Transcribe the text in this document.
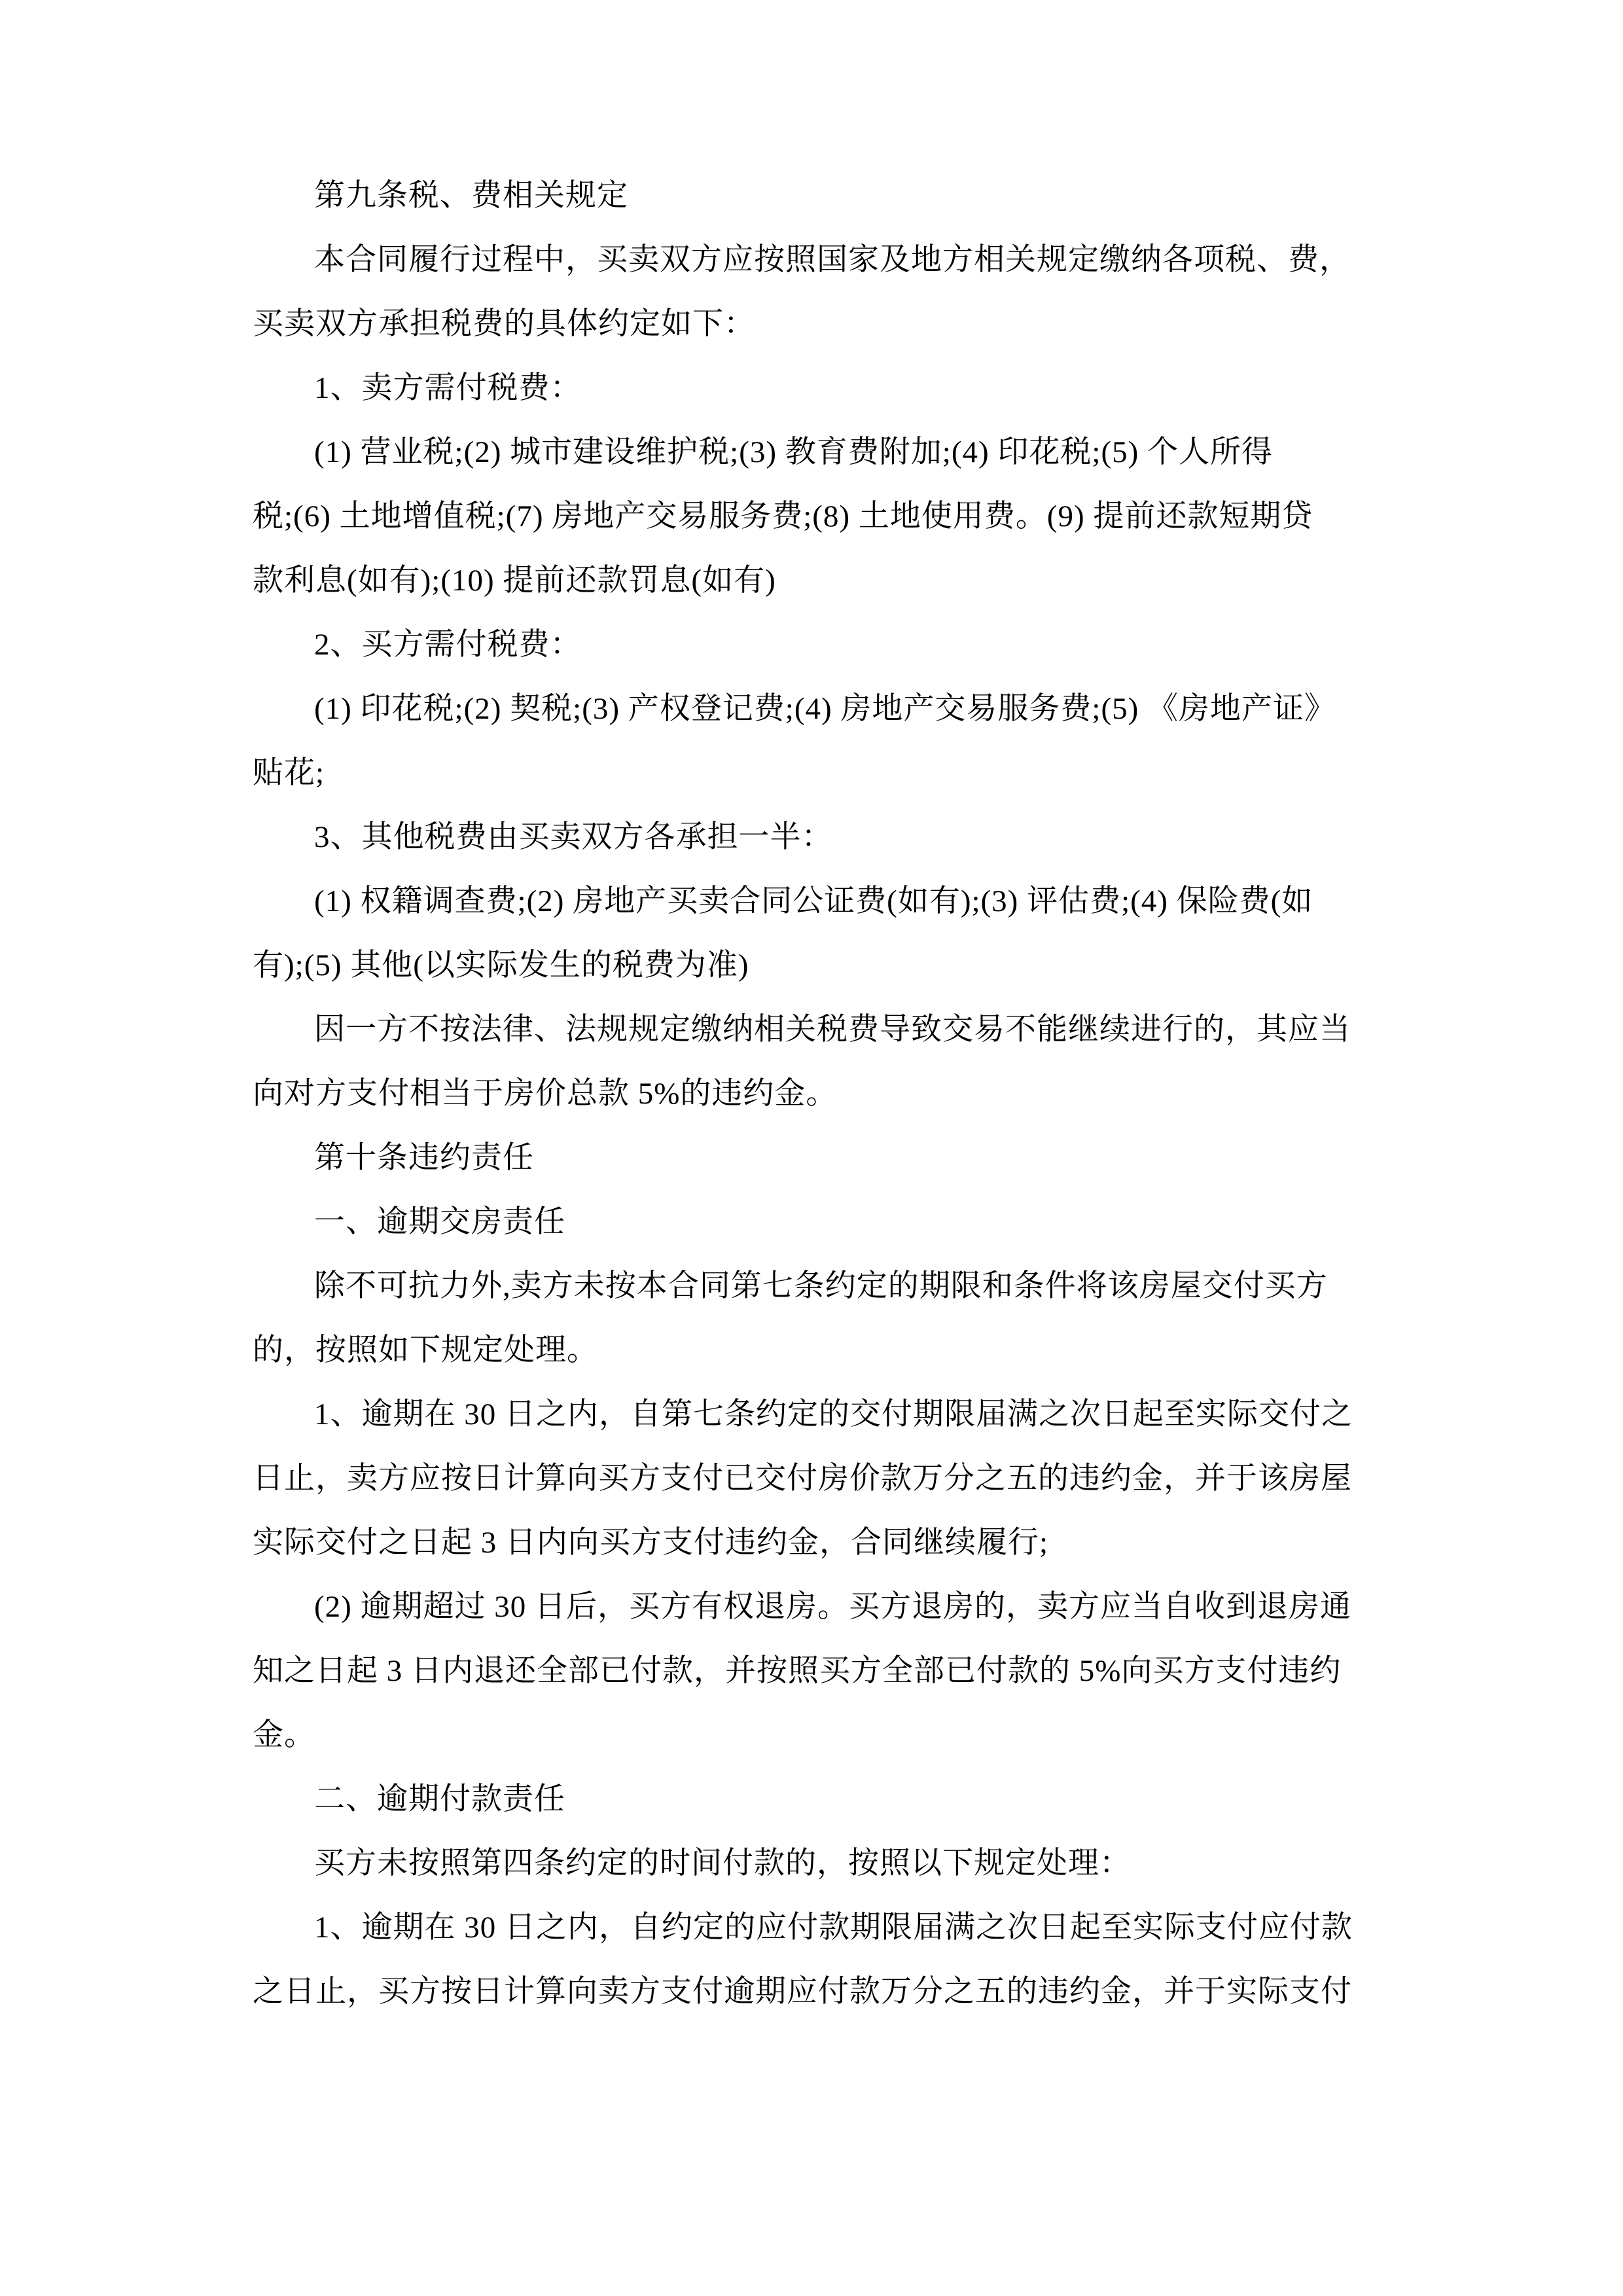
第九条税、费相关规定
本合同履行过程中，买卖双方应按照国家及地方相关规定缴纳各项税、费，
买卖双方承担税费的具体约定如下：
1、卖方需付税费：
(1) 营业税;(2) 城市建设维护税;(3) 教育费附加;(4) 印花税;(5) 个人所得
税;(6) 土地增值税;(7) 房地产交易服务费;(8) 土地使用费。(9) 提前还款短期贷
款利息(如有);(10) 提前还款罚息(如有)
2、买方需付税费：
(1) 印花税;(2) 契税;(3) 产权登记费;(4) 房地产交易服务费;(5) 《房地产证》
贴花;
3、其他税费由买卖双方各承担一半：
(1) 权籍调查费;(2) 房地产买卖合同公证费(如有);(3) 评估费;(4) 保险费(如
有);(5) 其他(以实际发生的税费为准)
因一方不按法律、法规规定缴纳相关税费导致交易不能继续进行的，其应当
向对方支付相当于房价总款 5%的违约金。
第十条违约责任
一、逾期交房责任
除不可抗力外,卖方未按本合同第七条约定的期限和条件将该房屋交付买方
的，按照如下规定处理。
1、逾期在 30 日之内，自第七条约定的交付期限届满之次日起至实际交付之
日止，卖方应按日计算向买方支付已交付房价款万分之五的违约金，并于该房屋
实际交付之日起 3 日内向买方支付违约金，合同继续履行;
(2) 逾期超过 30 日后，买方有权退房。买方退房的，卖方应当自收到退房通
知之日起 3 日内退还全部已付款，并按照买方全部已付款的 5%向买方支付违约
金。
二、逾期付款责任
买方未按照第四条约定的时间付款的，按照以下规定处理：
1、逾期在 30 日之内，自约定的应付款期限届满之次日起至实际支付应付款
之日止，买方按日计算向卖方支付逾期应付款万分之五的违约金，并于实际支付
